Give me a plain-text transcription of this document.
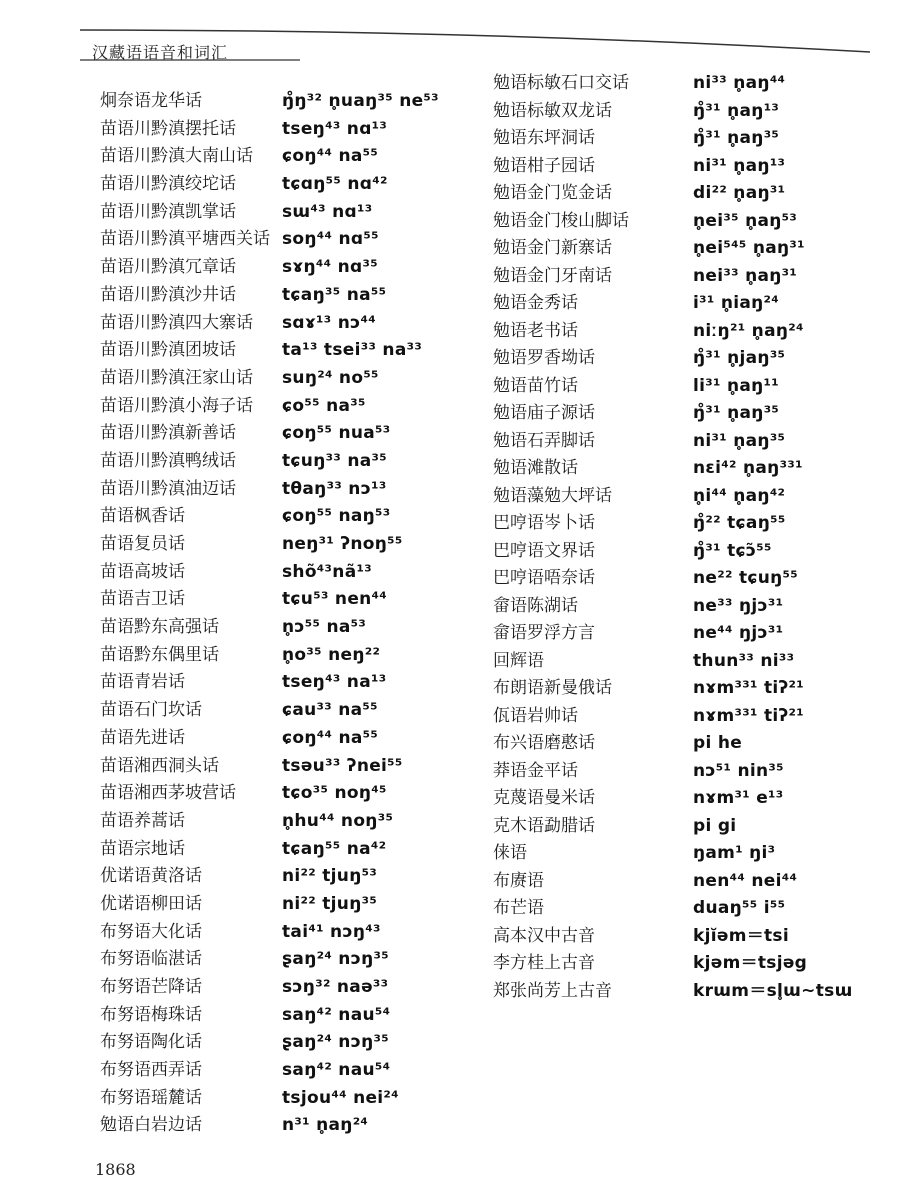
汉藏语语音和词汇
炯奈语龙华话	ŋ̊ŋ³² n̥uaŋ³⁵ ne⁵³
苗语川黔滇摆托话	tseŋ⁴³ nɑ¹³
苗语川黔滇大南山话 ɕoŋ⁴⁴ na⁵⁵
苗语川黔滇绞坨话	tɕɑŋ⁵⁵ nɑ⁴²
苗语川黔滇凯掌话	sɯ⁴³ nɑ¹³
苗语川黔滇平塘西关话 soŋ⁴⁴ nɑ⁵⁵
苗语川黔滇冗章话	sɤŋ⁴⁴ nɑ³⁵
苗语川黔滇沙井话	tɕaŋ³⁵ na⁵⁵
苗语川黔滇四大寨话 sɑɤ¹³ nɔ⁴⁴
苗语川黔滇团坡话	ta¹³ tsei³³ na³³
苗语川黔滇汪家山话 suŋ²⁴ no⁵⁵
苗语川黔滇小海子话 ɕo⁵⁵ na³⁵
苗语川黔滇新善话	ɕoŋ⁵⁵ nua⁵³
苗语川黔滇鸭绒话	tɕuŋ³³ na³⁵
苗语川黔滇油迈话	tθaŋ³³ nɔ¹³
苗语枫香话	ɕoŋ⁵⁵ naŋ⁵³
苗语复员话	neŋ³¹ ʔnoŋ⁵⁵
苗语高坡话	shõ⁴³nã¹³
苗语吉卫话	tɕu⁵³ nen⁴⁴
苗语黔东高强话	n̥ɔ⁵⁵ na⁵³
苗语黔东偶里话	n̥o³⁵ neŋ²²
苗语青岩话	tseŋ⁴³ na¹³
苗语石门坎话	ɕau³³ na⁵⁵
苗语先进话	ɕoŋ⁴⁴ na⁵⁵
苗语湘西洞头话	tsəu³³ ʔnei⁵⁵
苗语湘西茅坡营话	tɕo³⁵ noŋ⁴⁵
苗语养蒿话	n̥hu⁴⁴ noŋ³⁵
苗语宗地话	tɕaŋ⁵⁵ na⁴²
优诺语黄洛话	ni²² tjuŋ⁵³
优诺语柳田话	ni²² tjuŋ³⁵
布努语大化话	tai⁴¹ nɔŋ⁴³
布努语临湛话	ʂaŋ²⁴ nɔŋ³⁵
布努语芒降话	sɔŋ³² naə³³
布努语梅珠话	saŋ⁴² nau⁵⁴
布努语陶化话	ʂaŋ²⁴ nɔŋ³⁵
布努语西弄话	saŋ⁴² nau⁵⁴
布努语瑶麓话	tsjou⁴⁴ nei²⁴
勉语白岩边话	n³¹ n̥aŋ²⁴
勉语标敏石口交话	ni³³ n̥aŋ⁴⁴
勉语标敏双龙话	ŋ̊³¹ n̥aŋ¹³
勉语东坪洞话	ŋ̊³¹ n̥aŋ³⁵
勉语柑子园话	ni³¹ n̥aŋ¹³
勉语金门览金话	di²² n̥aŋ³¹
勉语金门梭山脚话	n̥ei³⁵ n̥aŋ⁵³
勉语金门新寨话	n̥ei⁵⁴⁵ n̥aŋ³¹
勉语金门牙南话	nei³³ n̥aŋ³¹
勉语金秀话	i³¹ n̥iaŋ²⁴
勉语老书话	niːŋ²¹ n̥aŋ²⁴
勉语罗香坳话	ŋ̊³¹ n̥jaŋ³⁵
勉语苗竹话	li³¹ n̥aŋ¹¹
勉语庙子源话	ŋ̊³¹ n̥aŋ³⁵
勉语石弄脚话	ni³¹ n̥aŋ³⁵
勉语滩散话	nɛi⁴² n̥aŋ³³¹
勉语藻勉大坪话	n̥i⁴⁴ n̥aŋ⁴²
巴哼语岑卜话	ŋ̊²² tɕaŋ⁵⁵
巴哼语文界话	ŋ̊³¹ tɕɔ̃⁵⁵
巴哼语唔奈话	ne²² tɕuŋ⁵⁵
畲语陈湖话	ne³³ ŋjɔ³¹
畲语罗浮方言	ne⁴⁴ ŋjɔ³¹
回辉语	thun³³ ni³³
布朗语新曼俄话	nɤm³³¹ tiʔ²¹
佤语岩帅话	nɤm³³¹ tiʔ²¹
布兴语磨憨话	pi he
莽语金平话	nɔ⁵¹ nin³⁵
克蔑语曼米话	nɤm³¹ e¹³
克木语勐腊话	pi gi
俫语	ŋam¹ ŋi³
布赓语	nen⁴⁴ nei⁴⁴
布芒语	duaŋ⁵⁵ i⁵⁵
高本汉中古音	kjĭəm＝tsi
李方桂上古音	kjəm＝tsjəg
郑张尚芳上古音	krɯm＝sl̥ɯ~tsɯ
1868
